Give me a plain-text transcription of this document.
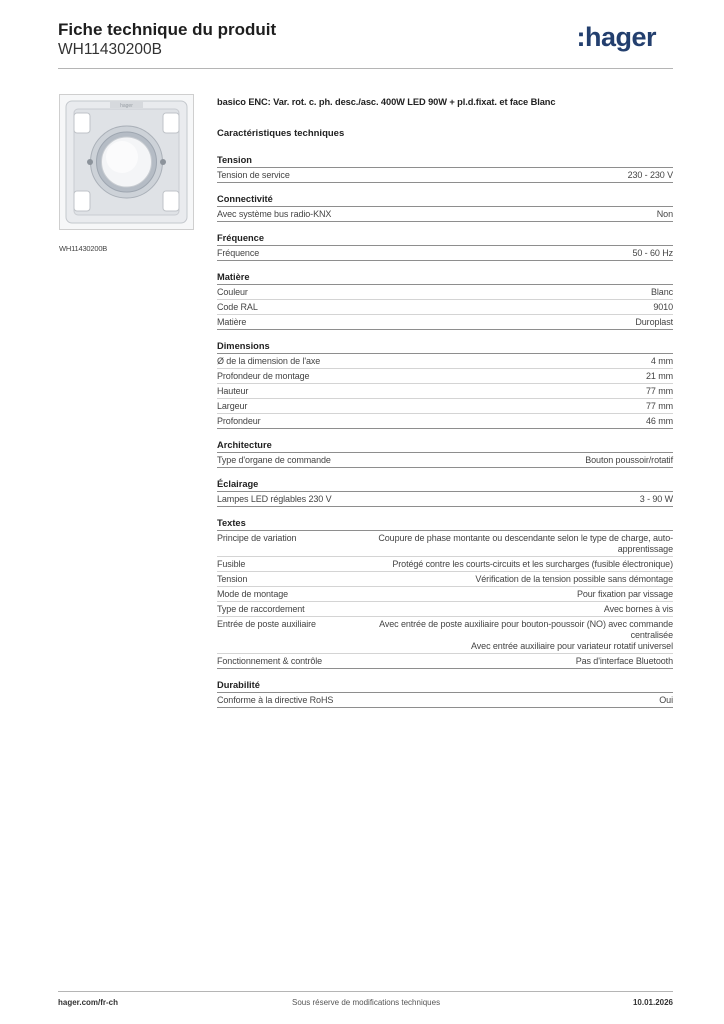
Fiche technique du produit
WH11430200B	:hager
hager
WH11430200B
basico ENC: Var. rot. c. ph. desc./asc. 400W LED 90W + pl.d.fixat. et face Blanc
Caractéristiques techniques
Tension
Tension de service	230 - 230 V
Connectivité
Avec système bus radio-KNX	Non
Fréquence
Fréquence	50 - 60 Hz
Matière
Couleur	Blanc
Code RAL	9010
Matière	Duroplast
Dimensions
Ø de la dimension de l'axe	4 mm
Profondeur de montage	21 mm
Hauteur	77 mm
Largeur	77 mm
Profondeur	46 mm
Architecture
Type d'organe de commande	Bouton poussoir/rotatif
Éclairage
Lampes LED réglables 230 V	3 - 90 W
Textes
Principe de variation	Coupure de phase montante ou descendante selon le type de charge, auto-apprentissage
Fusible	Protégé contre les courts-circuits et les surcharges (fusible électronique)
Tension	Vérification de la tension possible sans démontage
Mode de montage	Pour fixation par vissage
Type de raccordement	Avec bornes à vis
Entrée de poste auxiliaire	Avec entrée de poste auxiliaire pour bouton-poussoir (NO) avec commande centralisée
Avec entrée auxiliaire pour variateur rotatif universel
Fonctionnement & contrôle	Pas d'interface Bluetooth
Durabilité
Conforme à la directive RoHS	Oui
hager.com/fr-ch	Sous réserve de modifications techniques	10.01.2026
